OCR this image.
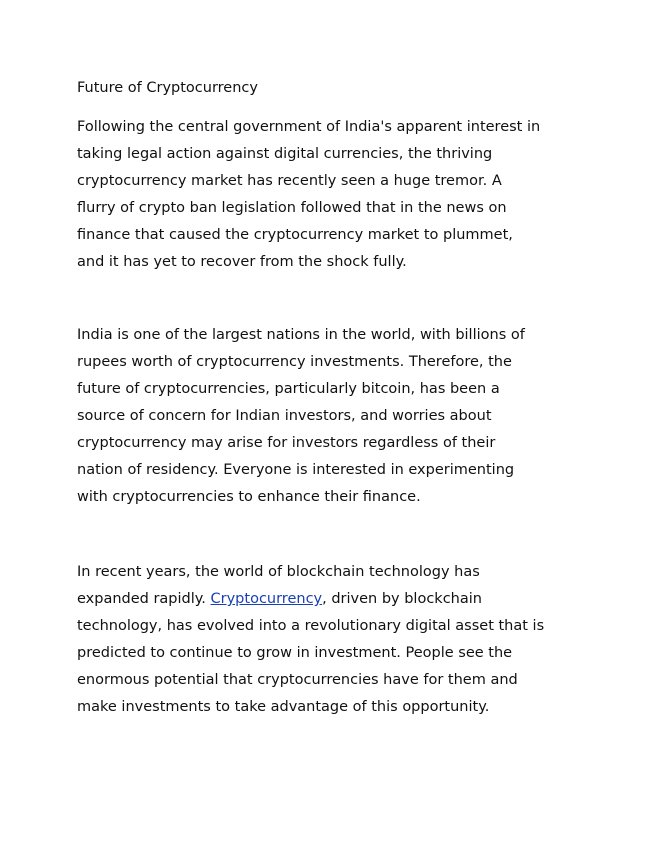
Future of Cryptocurrency

Following the central government of India's apparent interest in
taking legal action against digital currencies, the thriving
cryptocurrency market has recently seen a huge tremor. A
flurry of crypto ban legislation followed that in the news on
finance that caused the cryptocurrency market to plummet,
and it has yet to recover from the shock fully.

India is one of the largest nations in the world, with billions of
rupees worth of cryptocurrency investments. Therefore, the
future of cryptocurrencies, particularly bitcoin, has been a
source of concern for Indian investors, and worries about
cryptocurrency may arise for investors regardless of their
nation of residency. Everyone is interested in experimenting
with cryptocurrencies to enhance their finance.

In recent years, the world of blockchain technology has
expanded rapidly. Cryptocurrency, driven by blockchain
technology, has evolved into a revolutionary digital asset that is
predicted to continue to grow in investment. People see the
enormous potential that cryptocurrencies have for them and
make investments to take advantage of this opportunity.
